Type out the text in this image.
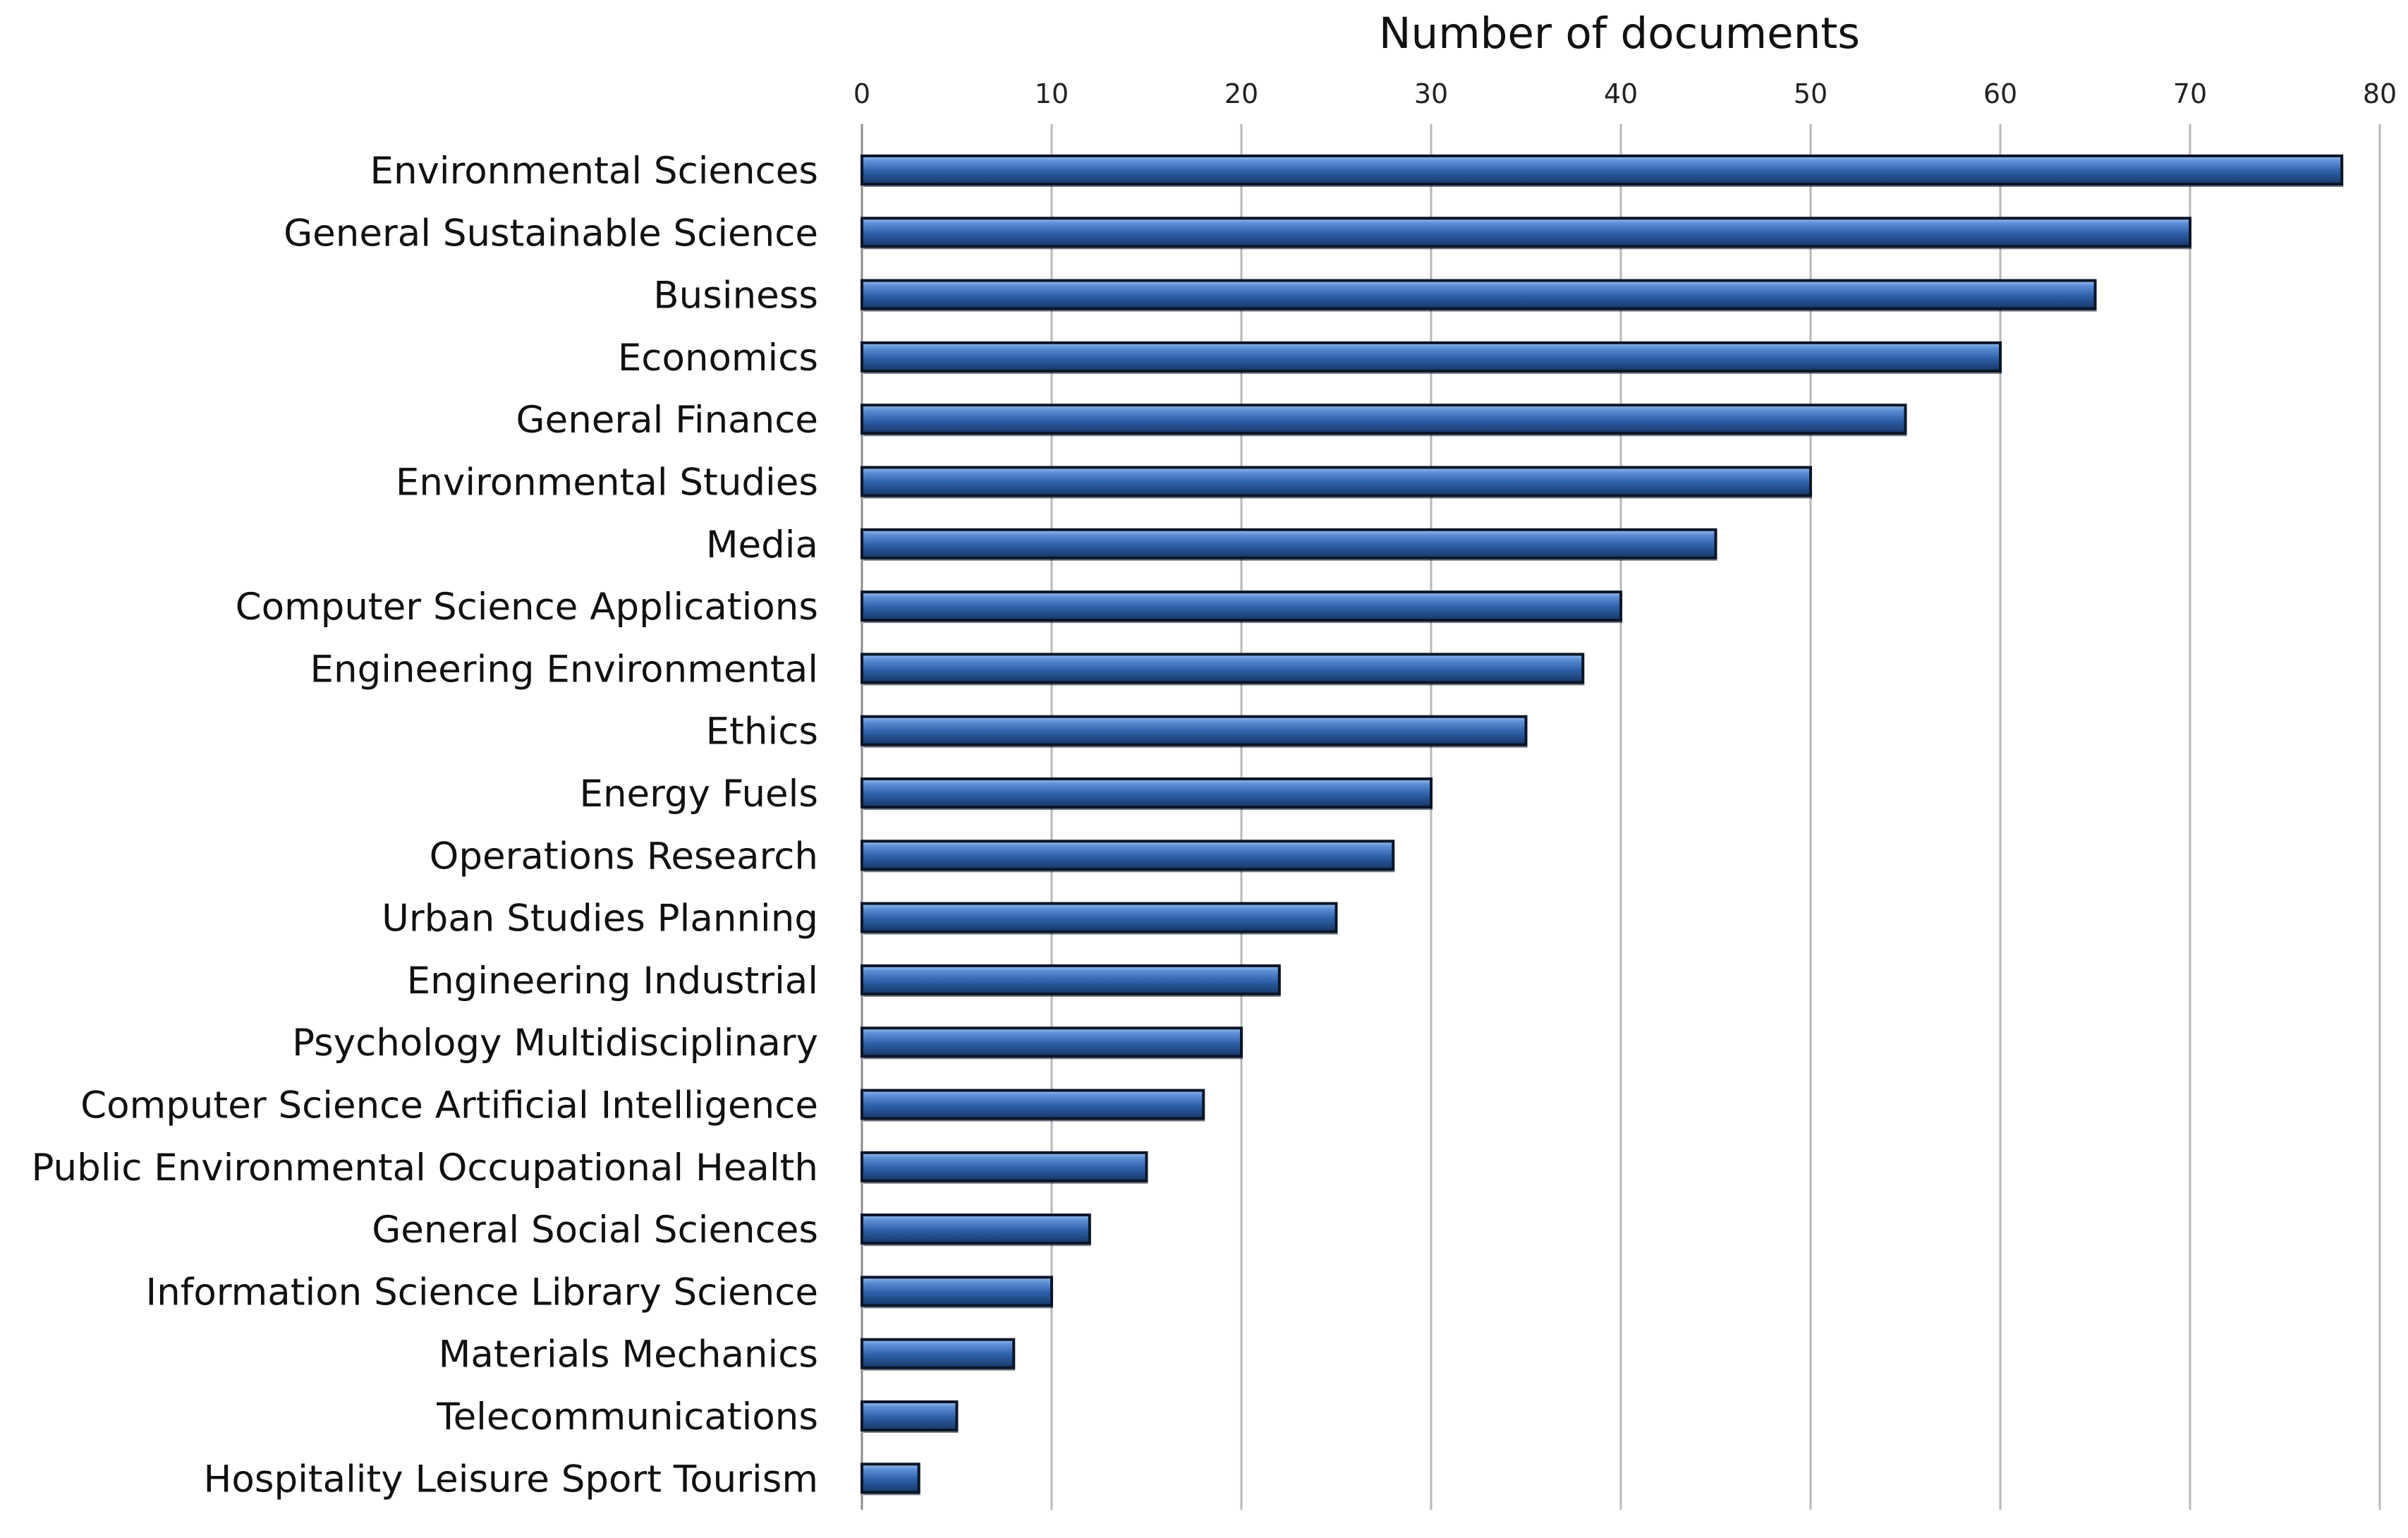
0	10	20	30	40	50	60	70	80
Environmental Sciences
General Sustainable Science
Business
Economics
General Finance
Environmental Studies
Media
Computer Science Applications
Engineering Environmental
Ethics
Energy Fuels
Operations Research
Urban Studies Planning
Engineering Industrial
Psychology Multidisciplinary
Computer Science Artificial Intelligence
Public Environmental Occupational Health
General Social Sciences
Information Science Library Science
Materials Mechanics
Telecommunications
Hospitality Leisure Sport Tourism
Number of documents
